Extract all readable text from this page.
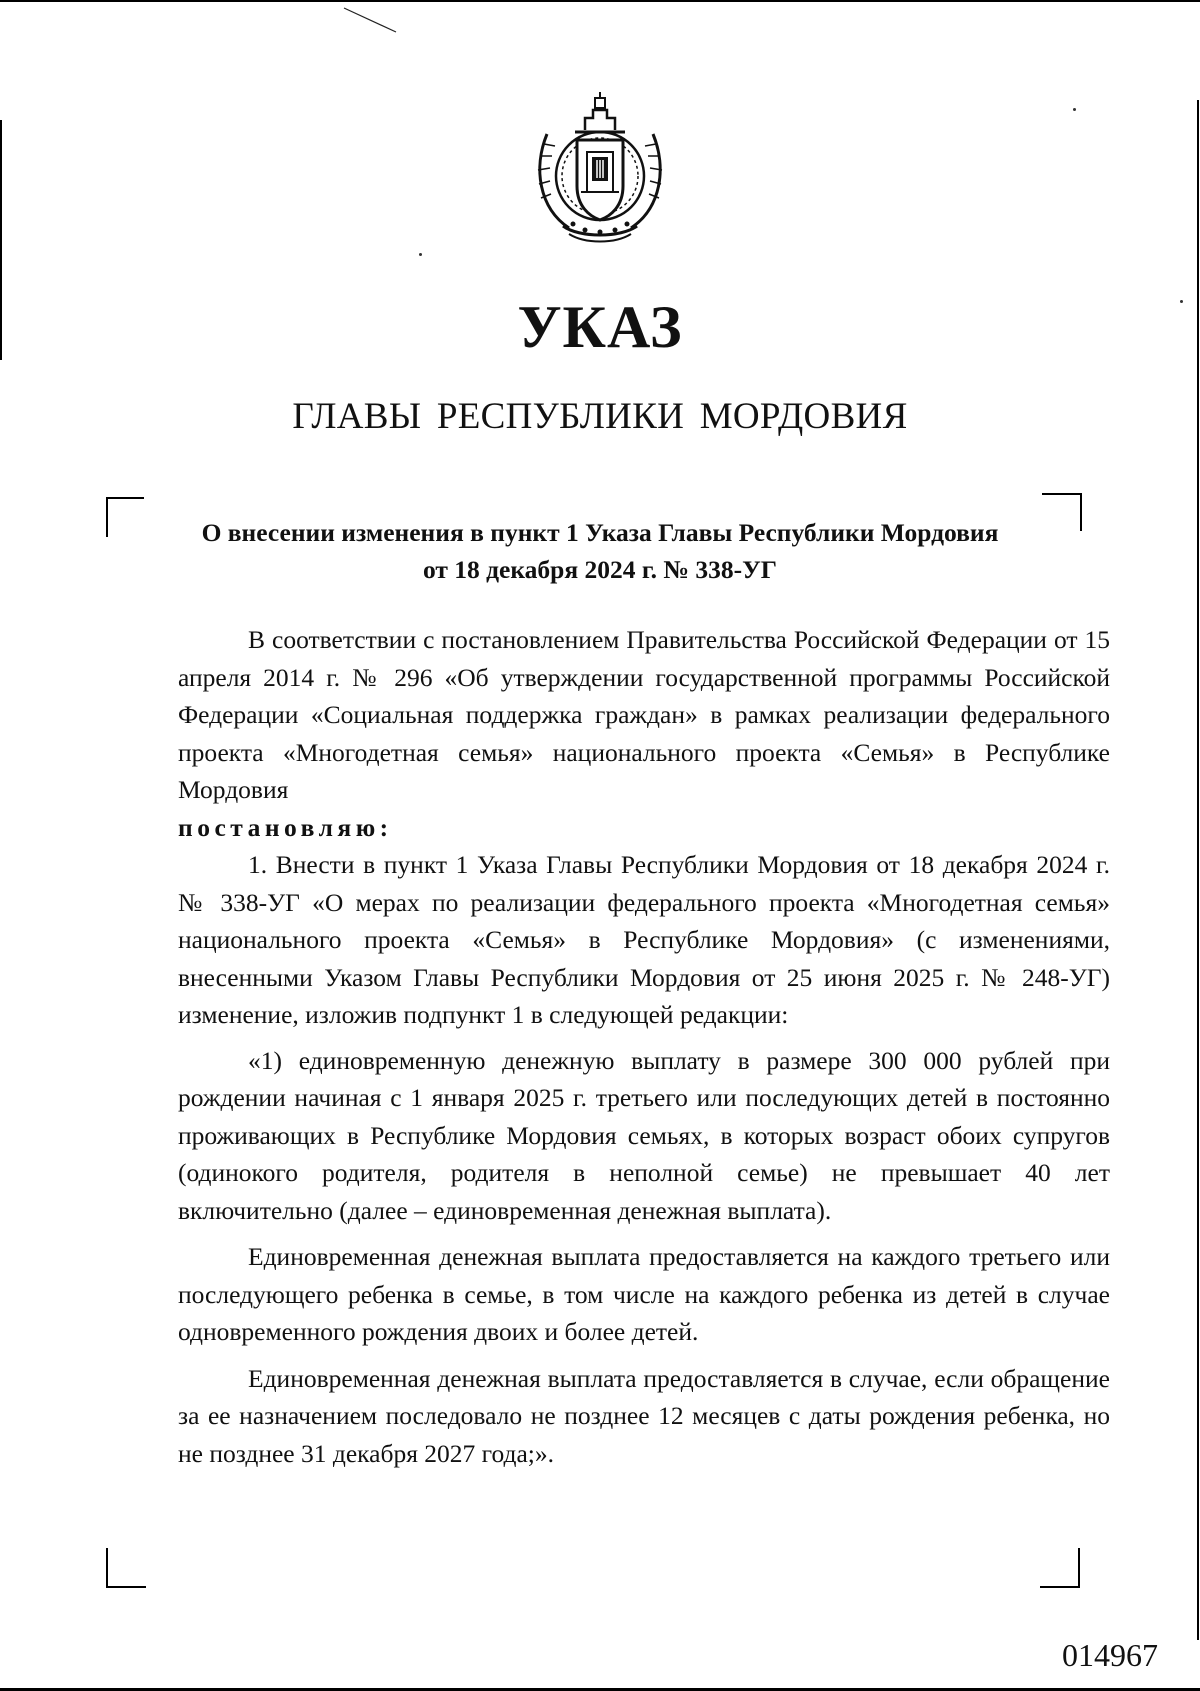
УКАЗ
ГЛАВЫ РЕСПУБЛИКИ МОРДОВИЯ
О внесении изменения в пункт 1 Указа Главы Республики Мордовия
от 18 декабря 2024 г. № 338-УГ

В соответствии с постановлением Правительства Российской Федерации от 15 апреля 2014 г. № 296 «Об утверждении государственной программы Российской Федерации «Социальная поддержка граждан» в рамках реализации федерального проекта «Многодетная семья» национального проекта «Семья» в Республике Мордовия

постановляю:

1. Внести в пункт 1 Указа Главы Республики Мордовия от 18 декабря 2024 г. № 338-УГ «О мерах по реализации федерального проекта «Многодетная семья» национального проекта «Семья» в Республике Мордовия» (с изменениями, внесенными Указом Главы Республики Мордовия от 25 июня 2025 г. № 248-УГ) изменение, изложив подпункт 1 в следующей редакции:

«1) единовременную денежную выплату в размере 300 000 рублей при рождении начиная с 1 января 2025 г. третьего или последующих детей в постоянно проживающих в Республике Мордовия семьях, в которых возраст обоих супругов (одинокого родителя, родителя в неполной семье) не превышает 40 лет включительно (далее – единовременная денежная выплата).

Единовременная денежная выплата предоставляется на каждого третьего или последующего ребенка в семье, в том числе на каждого ребенка из детей в случае одновременного рождения двоих и более детей.

Единовременная денежная выплата предоставляется в случае, если обращение за ее назначением последовало не позднее 12 месяцев с даты рождения ребенка, но не позднее 31 декабря 2027 года;».

014967
